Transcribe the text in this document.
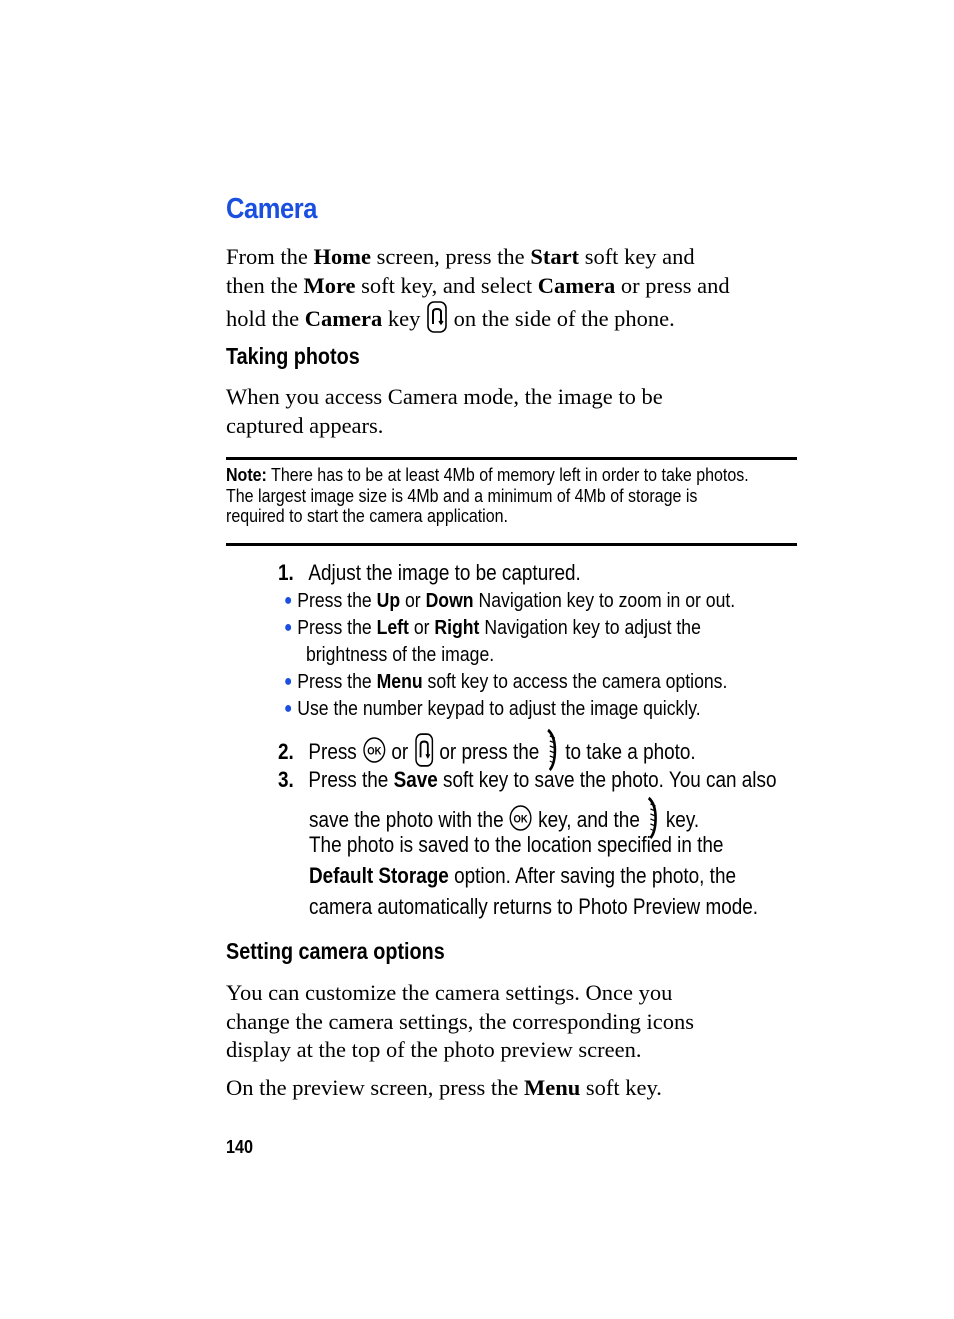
Camera

From the Home screen, press the Start soft key and
then the More soft key, and select Camera or press and
hold the Camera key  on the side of the phone.

Taking photos

When you access Camera mode, the image to be
captured appears.

Note: There has to be at least 4Mb of memory left in order to take photos.
The largest image size is 4Mb and a minimum of 4Mb of storage is
required to start the camera application.
1. Adjust the image to be captured.
● Press the Up or Down Navigation key to zoom in or out.
● Press the Left or Right Navigation key to adjust the
brightness of the image.
● Press the Menu soft key to access the camera options.
● Use the number keypad to adjust the image quickly.
2. Press OK or  or press the  to take a photo.
3. Press the Save soft key to save the photo. You can also
save the photo with the OK key, and the  key.
The photo is saved to the location specified in the
Default Storage option. After saving the photo, the
camera automatically returns to Photo Preview mode.
Setting camera options

You can customize the camera settings. Once you
change the camera settings, the corresponding icons
display at the top of the photo preview screen.

On the preview screen, press the Menu soft key.

140
